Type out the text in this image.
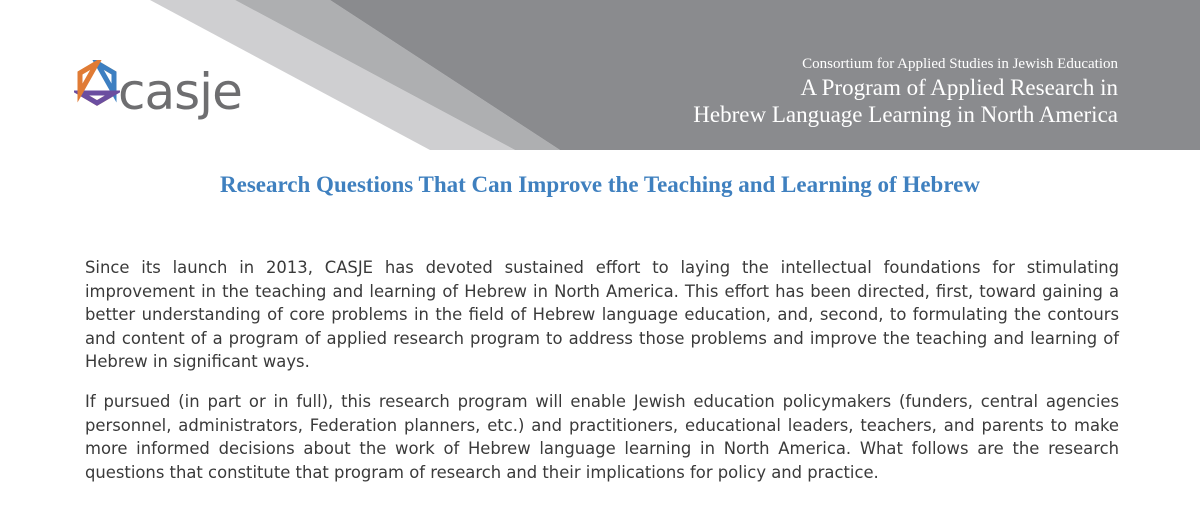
casje	Consortium for Applied Studies in Jewish Education
A Program of Applied Research in
Hebrew Language Learning in North America
Research Questions That Can Improve the Teaching and Learning of Hebrew

Since its launch in 2013, CASJE has devoted sustained effort to laying the intellectual foundations for stimulating improvement in the teaching and learning of Hebrew in North America. This effort has been directed, first, toward gaining a better understanding of core problems in the field of Hebrew language education, and, second, to formulating the contours and content of a program of applied research program to address those problems and improve the teaching and learning of Hebrew in significant ways.

If pursued (in part or in full), this research program will enable Jewish education policymakers (funders, central agencies personnel, administrators, Federation planners, etc.) and practitioners, educational leaders, teachers, and parents to make more informed decisions about the work of Hebrew language learning in North America. What follows are the research questions that constitute that program of research and their implications for policy and practice.
